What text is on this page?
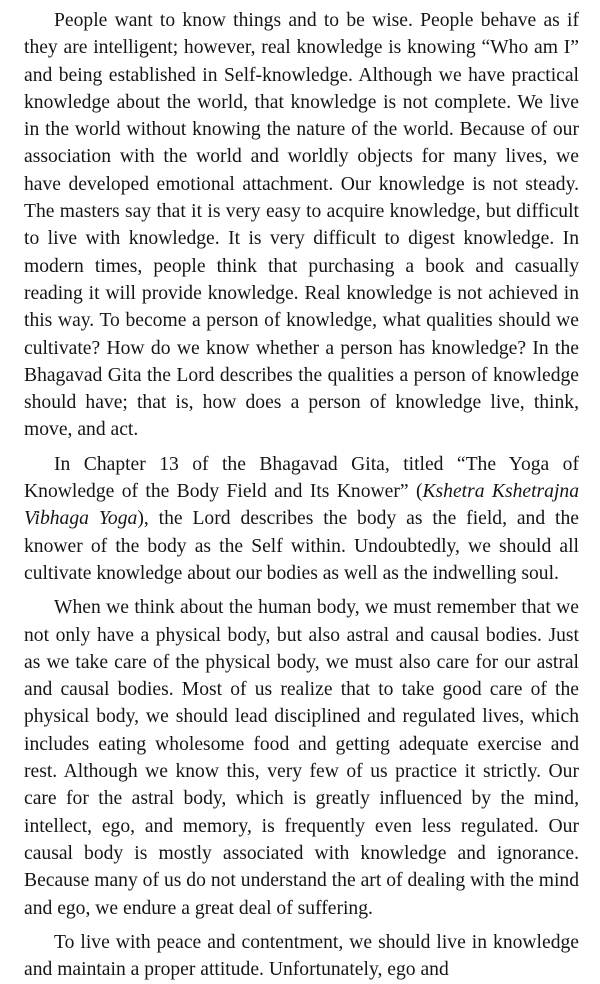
People want to know things and to be wise. People behave as if they are intelligent; however, real knowledge is knowing “Who am I” and being established in Self-knowledge. Although we have practical knowledge about the world, that knowledge is not complete. We live in the world without knowing the nature of the world. Because of our association with the world and worldly objects for many lives, we have developed emotional attachment. Our knowledge is not steady. The masters say that it is very easy to acquire knowledge, but difficult to live with knowledge. It is very difficult to digest knowledge. In modern times, people think that purchasing a book and casually reading it will provide knowledge. Real knowledge is not achieved in this way. To become a person of knowledge, what qualities should we cultivate? How do we know whether a person has knowledge? In the Bhagavad Gita the Lord describes the qualities a person of knowledge should have; that is, how does a person of knowledge live, think, move, and act.

In Chapter 13 of the Bhagavad Gita, titled “The Yoga of Knowledge of the Body Field and Its Knower” (Kshetra Kshetrajna Vibhaga Yoga), the Lord describes the body as the field, and the knower of the body as the Self within. Undoubtedly, we should all cultivate knowledge about our bodies as well as the indwelling soul.

When we think about the human body, we must remember that we not only have a physical body, but also astral and causal bodies. Just as we take care of the physical body, we must also care for our astral and causal bodies. Most of us realize that to take good care of the physical body, we should lead disciplined and regulated lives, which includes eating wholesome food and getting adequate exercise and rest. Although we know this, very few of us practice it strictly. Our care for the astral body, which is greatly influenced by the mind, intellect, ego, and memory, is frequently even less regulated. Our causal body is mostly associated with knowledge and ignorance. Because many of us do not understand the art of dealing with the mind and ego, we endure a great deal of suffering.

To live with peace and contentment, we should live in knowledge and maintain a proper attitude. Unfortunately, ego and
